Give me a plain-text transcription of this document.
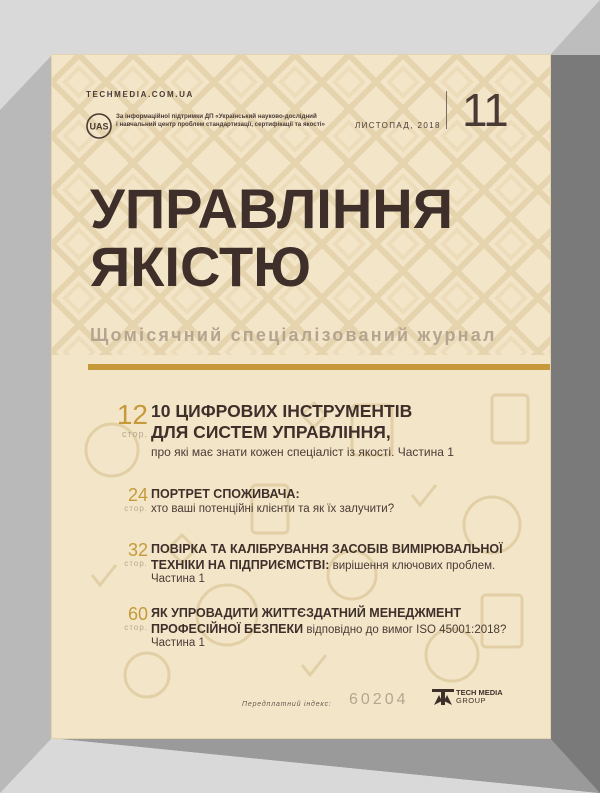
TECHMEDIA.COM.UA
UAS
За інформаційної підтримки ДП «Український науково-дослідний
і навчальний центр проблем стандартизації, сертифікації та якості»	ЛИСТОПАД, 2018 11
УПРАВЛІННЯ
ЯКІСТЮ
Щомісячний спеціалізований журнал
12
стор.
10 ЦИФРОВИХ ІНСТРУМЕНТІВ
ДЛЯ СИСТЕМ УПРАВЛІННЯ,
про які має знати кожен спеціаліст із якості. Частина 1
24
стор.
ПОРТРЕТ СПОЖИВАЧА:
хто ваші потенційні клієнти та як їх залучити?
32
стор.
ПОВІРКА ТА КАЛІБРУВАННЯ ЗАСОБІВ ВИМІРЮВАЛЬНОЇ
ТЕХНІКИ НА ПІДПРИЄМСТВІ: вирішення ключових проблем.
Частина 1
60
стор.
ЯК УПРОВАДИТИ ЖИТТЄЗДАТНИЙ МЕНЕДЖМЕНТ
ПРОФЕСІЙНОЇ БЕЗПЕКИ відповідно до вимог ISO 45001:2018?
Частина 1
Передплатний індекс: 60204	TECH MEDIA
GROUP
